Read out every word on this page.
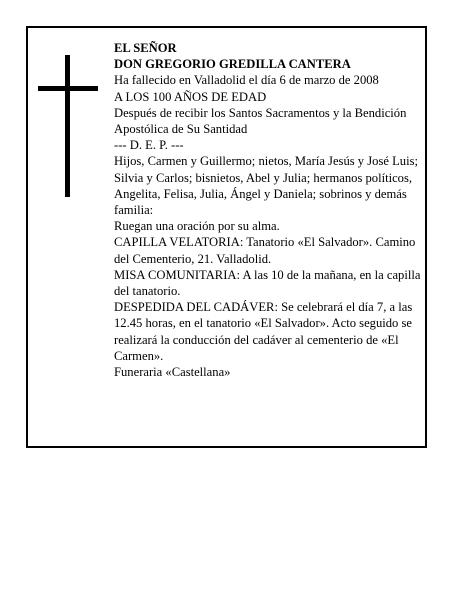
EL SEÑOR

DON GREGORIO GREDILLA CANTERA

Ha fallecido en Valladolid el día 6 de marzo de 2008

A LOS 100 AÑOS DE EDAD

Después de recibir los Santos Sacramentos y la Bendición Apostólica de Su Santidad

--- D. E. P. ---

Hijos, Carmen y Guillermo; nietos, María Jesús y José Luis; Silvia y Carlos; bisnietos, Abel y Julia; hermanos políticos, Angelita, Felisa, Julia, Ángel y Daniela; sobrinos y demás familia:

Ruegan una oración por su alma.

CAPILLA VELATORIA: Tanatorio «El Salvador». Camino del Cementerio, 21. Valladolid.

MISA COMUNITARIA: A las 10 de la mañana, en la capilla del tanatorio.

DESPEDIDA DEL CADÁVER: Se celebrará el día 7, a las 12.45 horas, en el tanatorio «El Salvador». Acto seguido se realizará la conducción del cadáver al cementerio de «El Carmen».

Funeraria «Castellana»
